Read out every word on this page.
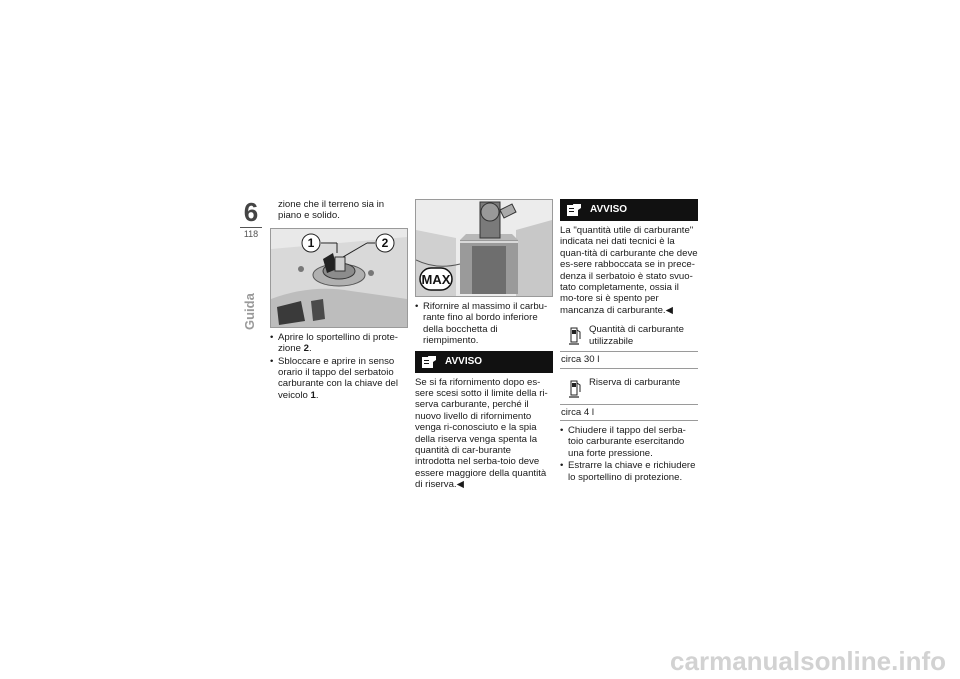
6
118
Guida

zione che il terreno sia in piano e solido.

1	2
• Aprire lo sportellino di prote-zione 2.
• Sbloccare e aprire in senso orario il tappo del serbatoio carburante con la chiave del veicolo 1.
MAX
• Rifornire al massimo il carbu-rante fino al bordo inferiore della bocchetta di riempimento.
AVVISO

Se si fa rifornimento dopo es-sere scesi sotto il limite della ri-serva carburante, perché il nuovo livello di rifornimento venga ri-conosciuto e la spia della riserva venga spenta la quantità di car-burante introdotta nel serba-toio deve essere maggiore della quantità di riserva.◀

AVVISO

La "quantità utile di carburante" indicata nei dati tecnici è la quan-tità di carburante che deve es-sere rabboccata se in prece-denza il serbatoio è stato svuo-tato completamente, ossia il mo-tore si è spento per mancanza di carburante.◀

Quantità di carburante utilizzabile
circa 30 l
Riserva di carburante
circa 4 l
• Chiudere il tappo del serba-toio carburante esercitando una forte pressione.
• Estrarre la chiave e richiudere lo sportellino di protezione.
carmanualsonline.info
